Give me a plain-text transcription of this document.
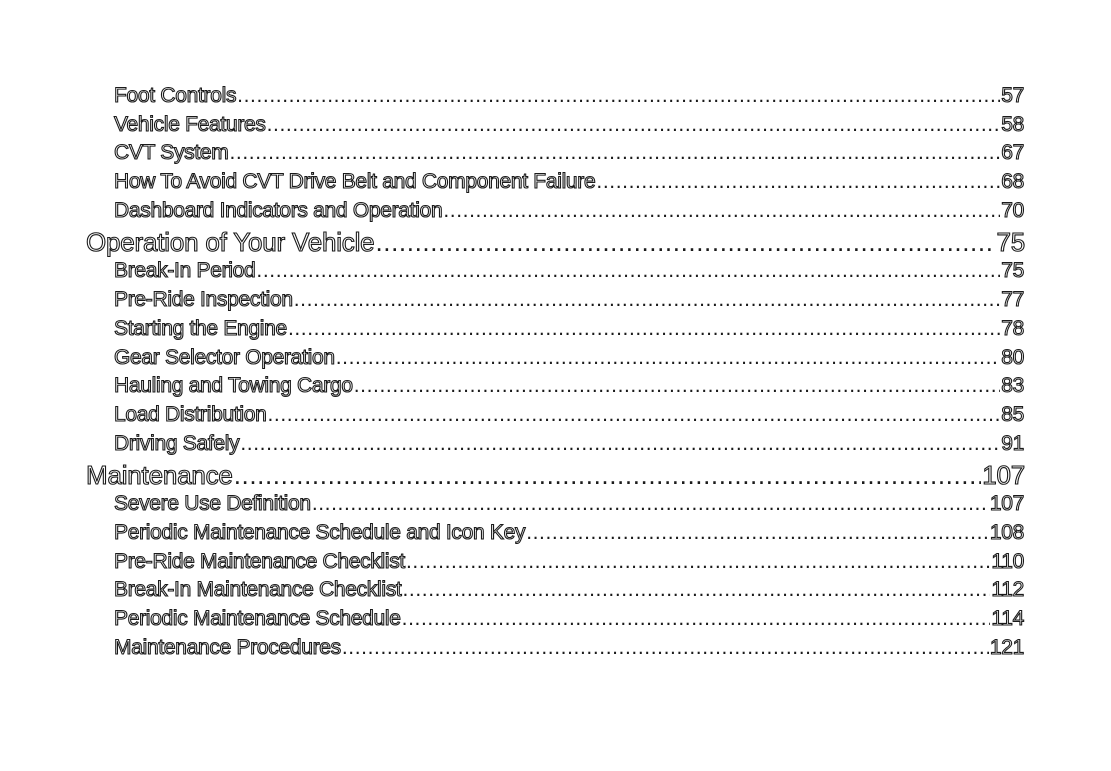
Foot Controls .....	57
Vehicle Features .....	58
CVT System .....	67
How To Avoid CVT Drive Belt and Component Failure .....	68
Dashboard Indicators and Operation .....	70
Operation of Your Vehicle .....	75
Break-In Period .....	75
Pre-Ride Inspection .....	77
Starting the Engine .....	78
Gear Selector Operation .....	80
Hauling and Towing Cargo .....	83
Load Distribution .....	85
Driving Safely .....	91
Maintenance .....	107
Severe Use Definition .....	107
Periodic Maintenance Schedule and Icon Key .....	108
Pre-Ride Maintenance Checklist .....	110
Break-In Maintenance Checklist .....	112
Periodic Maintenance Schedule .....	114
Maintenance Procedures .....	121
